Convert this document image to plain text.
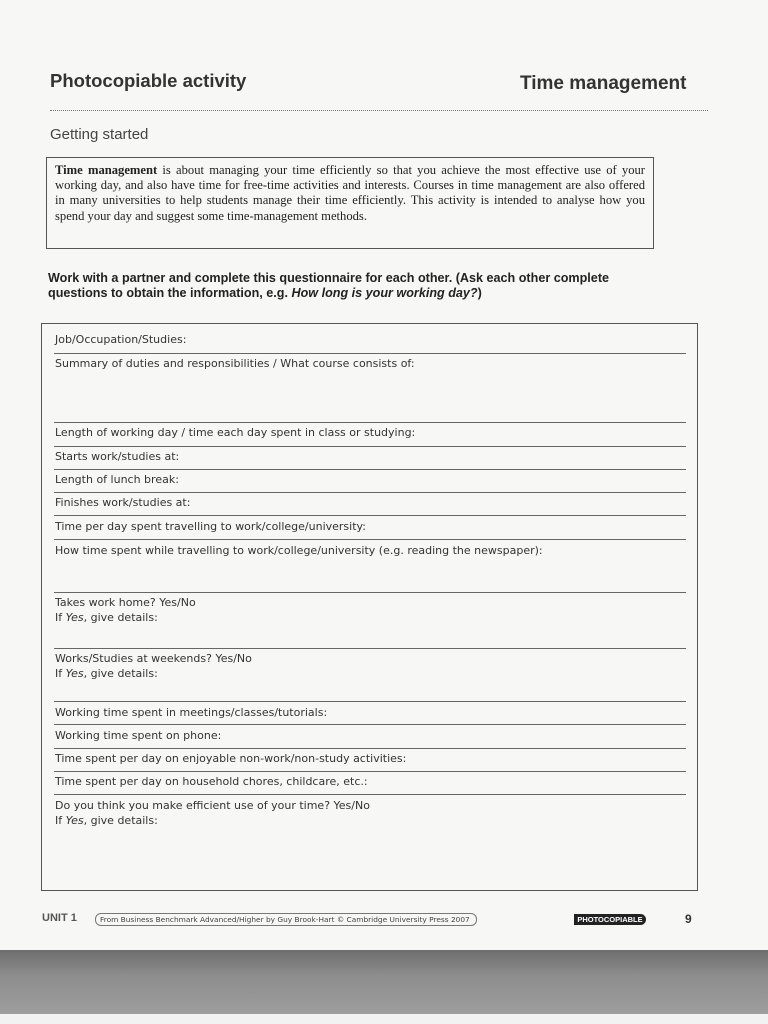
Photocopiable activity	Time management
Getting started
Time management is about managing your time efficiently so that you achieve the most effective use of your working day, and also have time for free-time activities and interests. Courses in time management are also offered in many universities to help students manage their time efficiently. This activity is intended to analyse how you spend your day and suggest some time-management methods.
Work with a partner and complete this questionnaire for each other. (Ask each other complete questions to obtain the information, e.g. How long is your working day?)
Job/Occupation/Studies:
Summary of duties and responsibilities / What course consists of:
Length of working day / time each day spent in class or studying:
Starts work/studies at:
Length of lunch break:
Finishes work/studies at:
Time per day spent travelling to work/college/university:
How time spent while travelling to work/college/university (e.g. reading the newspaper):
Takes work home? Yes/No
If Yes, give details:
Works/Studies at weekends? Yes/No
If Yes, give details:
Working time spent in meetings/classes/tutorials:
Working time spent on phone:
Time spent per day on enjoyable non-work/non-study activities:
Time spent per day on household chores, childcare, etc.:
Do you think you make efficient use of your time? Yes/No
If Yes, give details:
UNIT 1	From Business Benchmark Advanced/Higher by Guy Brook-Hart © Cambridge University Press 2007	PHOTOCOPIABLE	9
